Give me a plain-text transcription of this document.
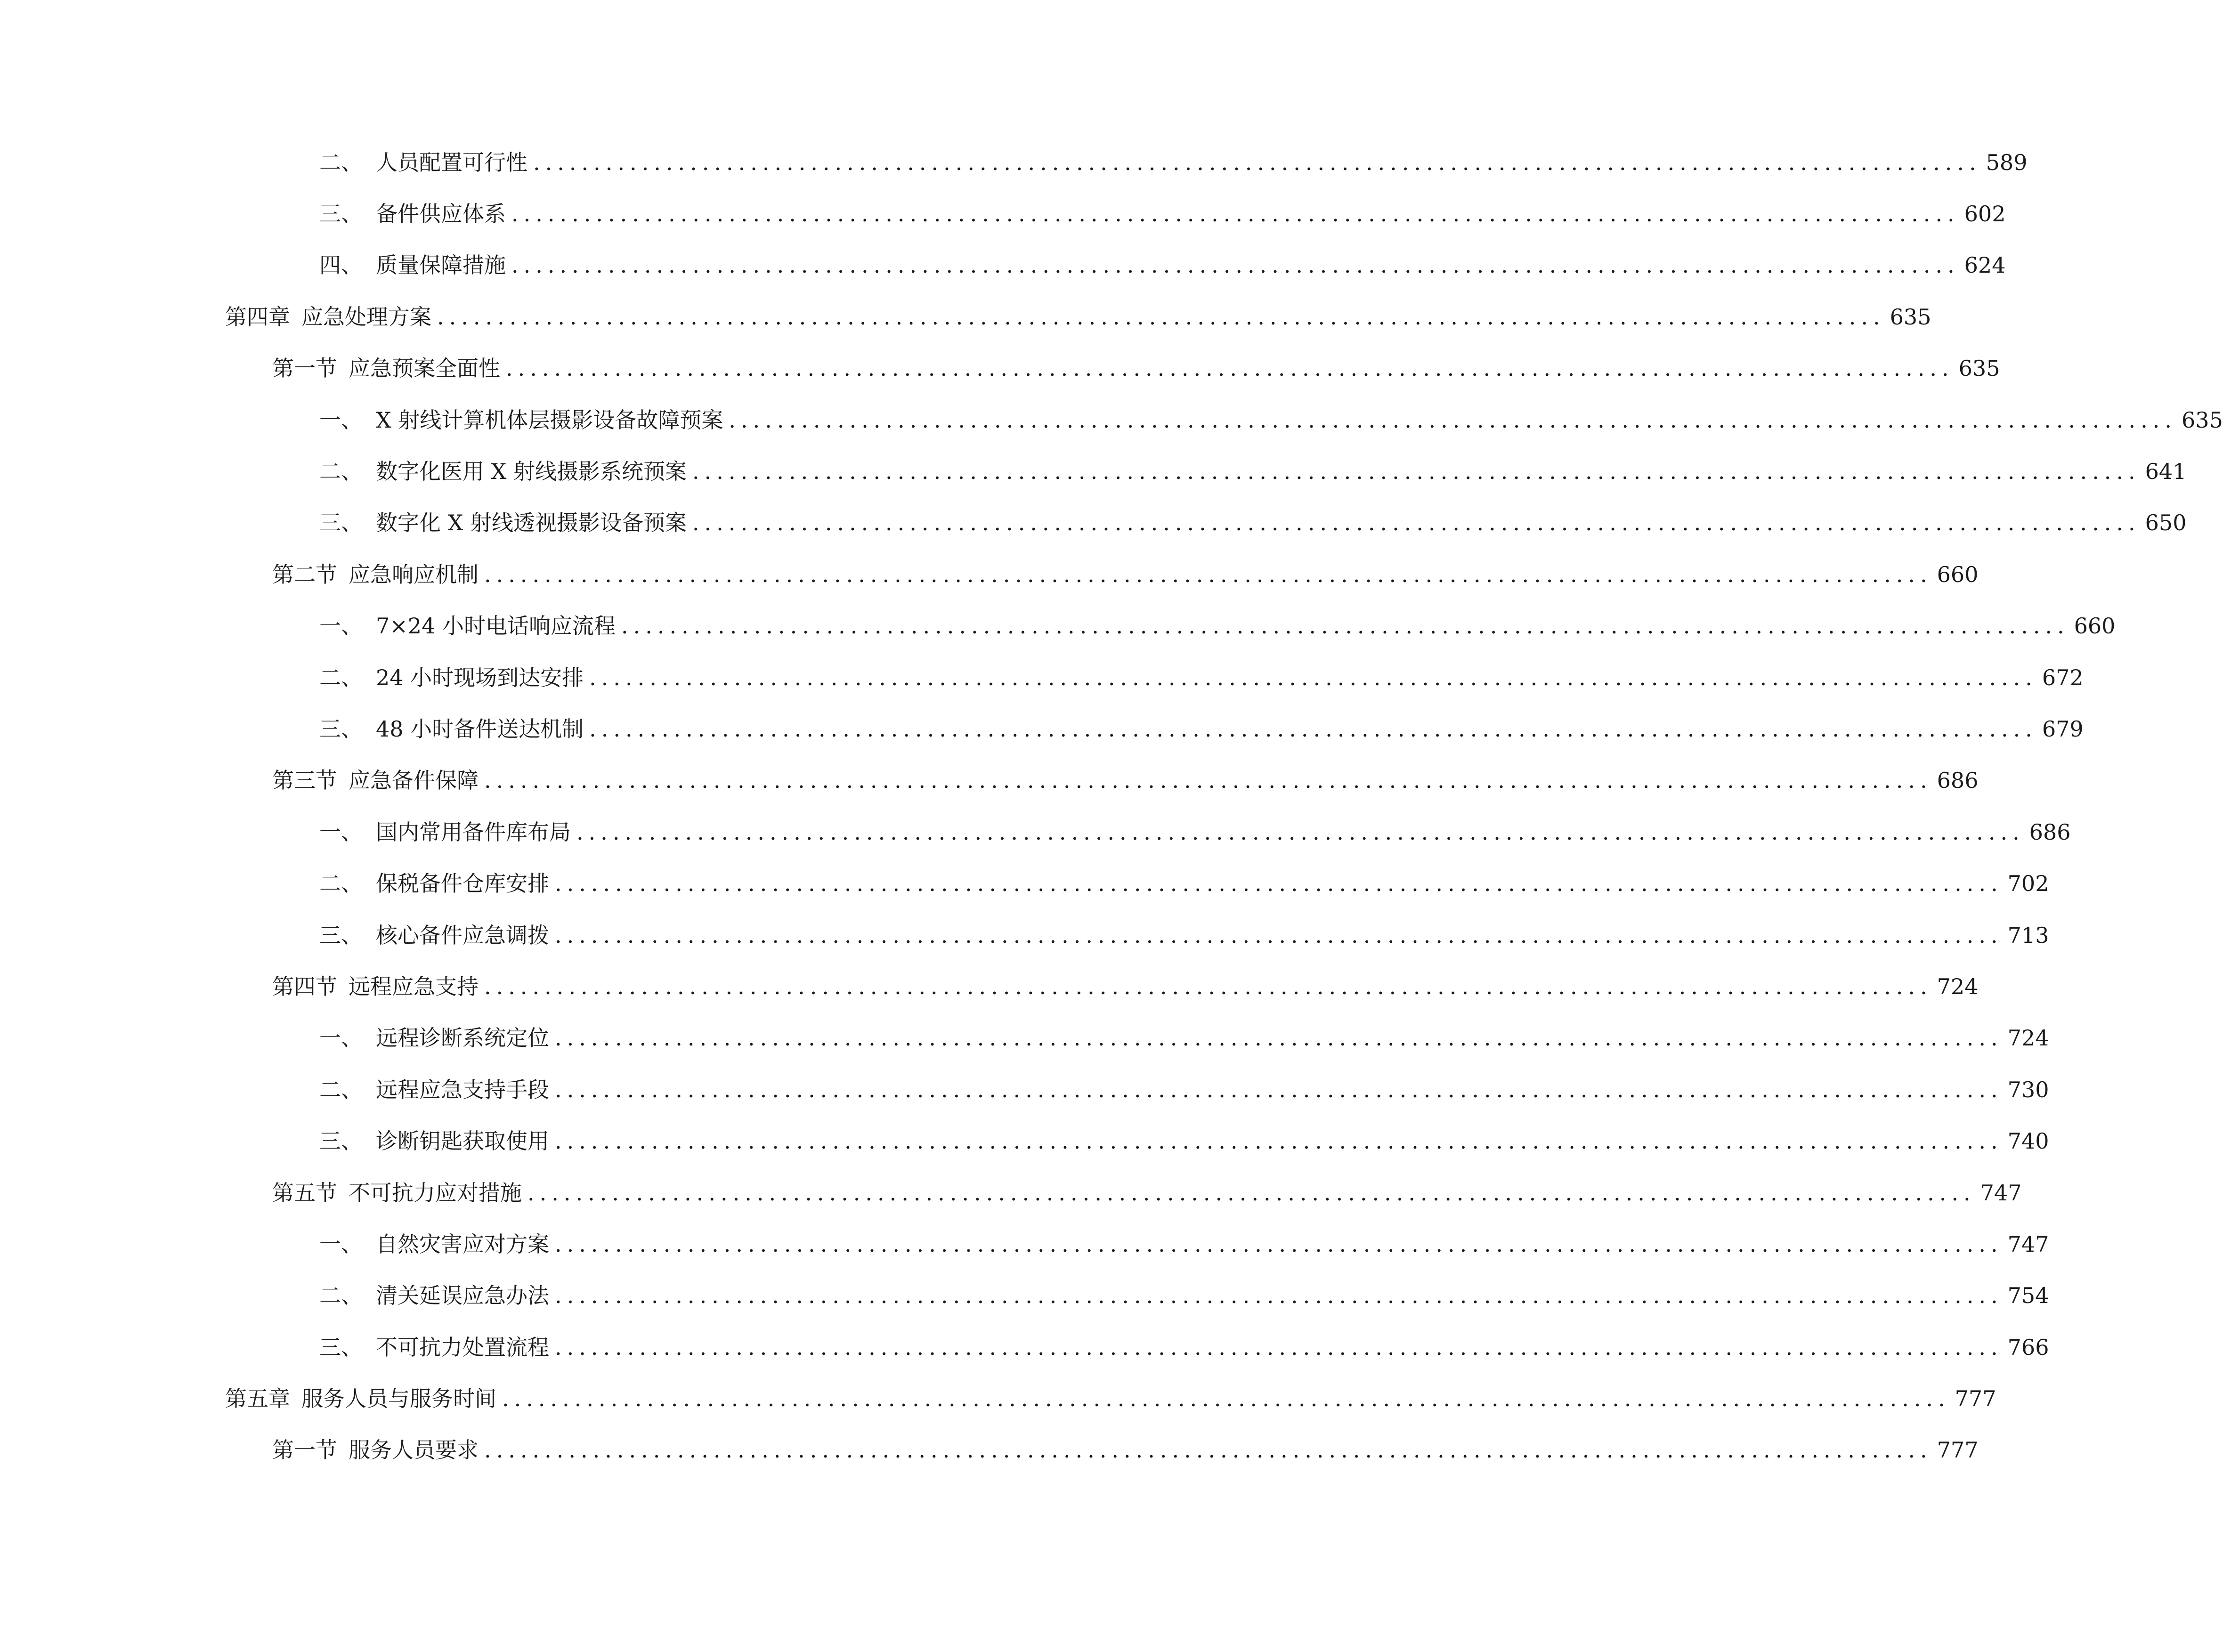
二、 人员配置可行性 ........................................................................................................................ 589
三、 备件供应体系 ........................................................................................................................ 602
四、 质量保障措施 ........................................................................................................................ 624
第四章 应急处理方案 ........................................................................................................................ 635
第一节 应急预案全面性 ........................................................................................................................ 635
一、 X 射线计算机体层摄影设备故障预案 ........................................................................................................................ 635
二、 数字化医用 X 射线摄影系统预案 ........................................................................................................................ 641
三、 数字化 X 射线透视摄影设备预案 ........................................................................................................................ 650
第二节 应急响应机制 ........................................................................................................................ 660
一、 7×24 小时电话响应流程 ........................................................................................................................ 660
二、 24 小时现场到达安排 ........................................................................................................................ 672
三、 48 小时备件送达机制 ........................................................................................................................ 679
第三节 应急备件保障 ........................................................................................................................ 686
一、 国内常用备件库布局 ........................................................................................................................ 686
二、 保税备件仓库安排 ........................................................................................................................ 702
三、 核心备件应急调拨 ........................................................................................................................ 713
第四节 远程应急支持 ........................................................................................................................ 724
一、 远程诊断系统定位 ........................................................................................................................ 724
二、 远程应急支持手段 ........................................................................................................................ 730
三、 诊断钥匙获取使用 ........................................................................................................................ 740
第五节 不可抗力应对措施 ........................................................................................................................ 747
一、 自然灾害应对方案 ........................................................................................................................ 747
二、 清关延误应急办法 ........................................................................................................................ 754
三、 不可抗力处置流程 ........................................................................................................................ 766
第五章 服务人员与服务时间 ........................................................................................................................ 777
第一节 服务人员要求 ........................................................................................................................ 777
